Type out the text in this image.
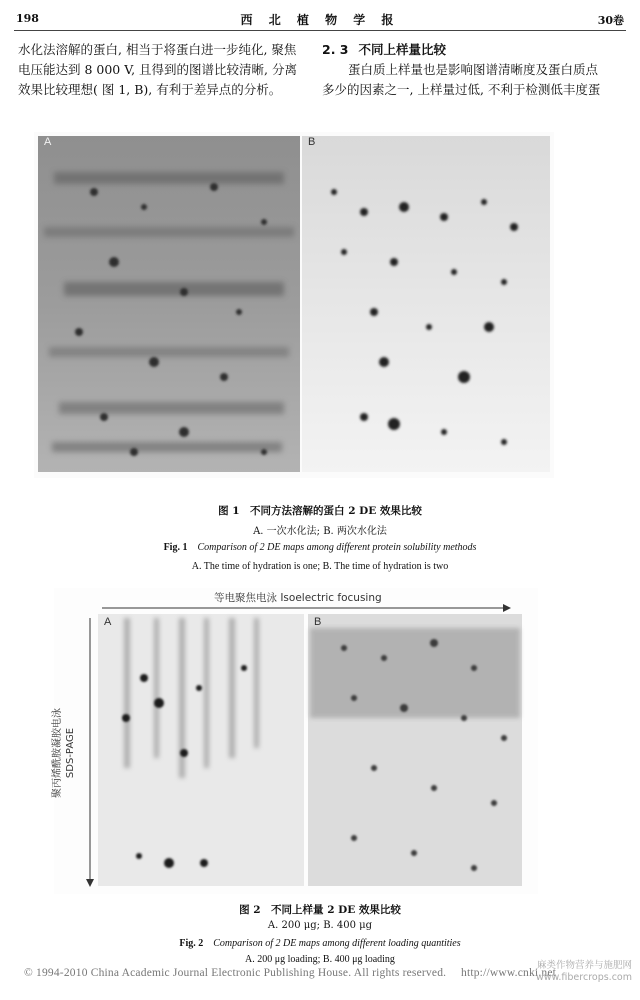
198	西 北 植 物 学 报	30卷

水化法溶解的蛋白, 相当于将蛋白进一步纯化, 聚焦

电压能达到 8 000 V, 且得到的图谱比较清晰, 分离

效果比较理想( 图 1, B), 有利于差异点的分析。

2. 3 不同上样量比较

蛋白质上样量也是影响图谱清晰度及蛋白质点

多少的因素之一, 上样量过低, 不利于检测低丰度蛋

A	B
图 1　不同方法溶解的蛋白 2 DE 效果比较
A. 一次水化法; B. 两次水化法
Fig. 1 Comparison of 2 DE maps among different protein solubility methods
A. The time of hydration is one; B. The time of hydration is two
等电聚焦电泳 Isoelectric focusing
聚丙烯酰胺凝胶电泳 SDS-PAGE
A	B
图 2　不同上样量 2 DE 效果比较
A. 200 μg; B. 400 μg
Fig. 2 Comparison of 2 DE maps among different loading quantities
A. 200 μg loading; B. 400 μg loading
© 1994-2010 China Academic Journal Electronic Publishing House. All rights reserved.　 http://www.cnki.net
麻类作物营养与施肥网
www.fibercrops.com
